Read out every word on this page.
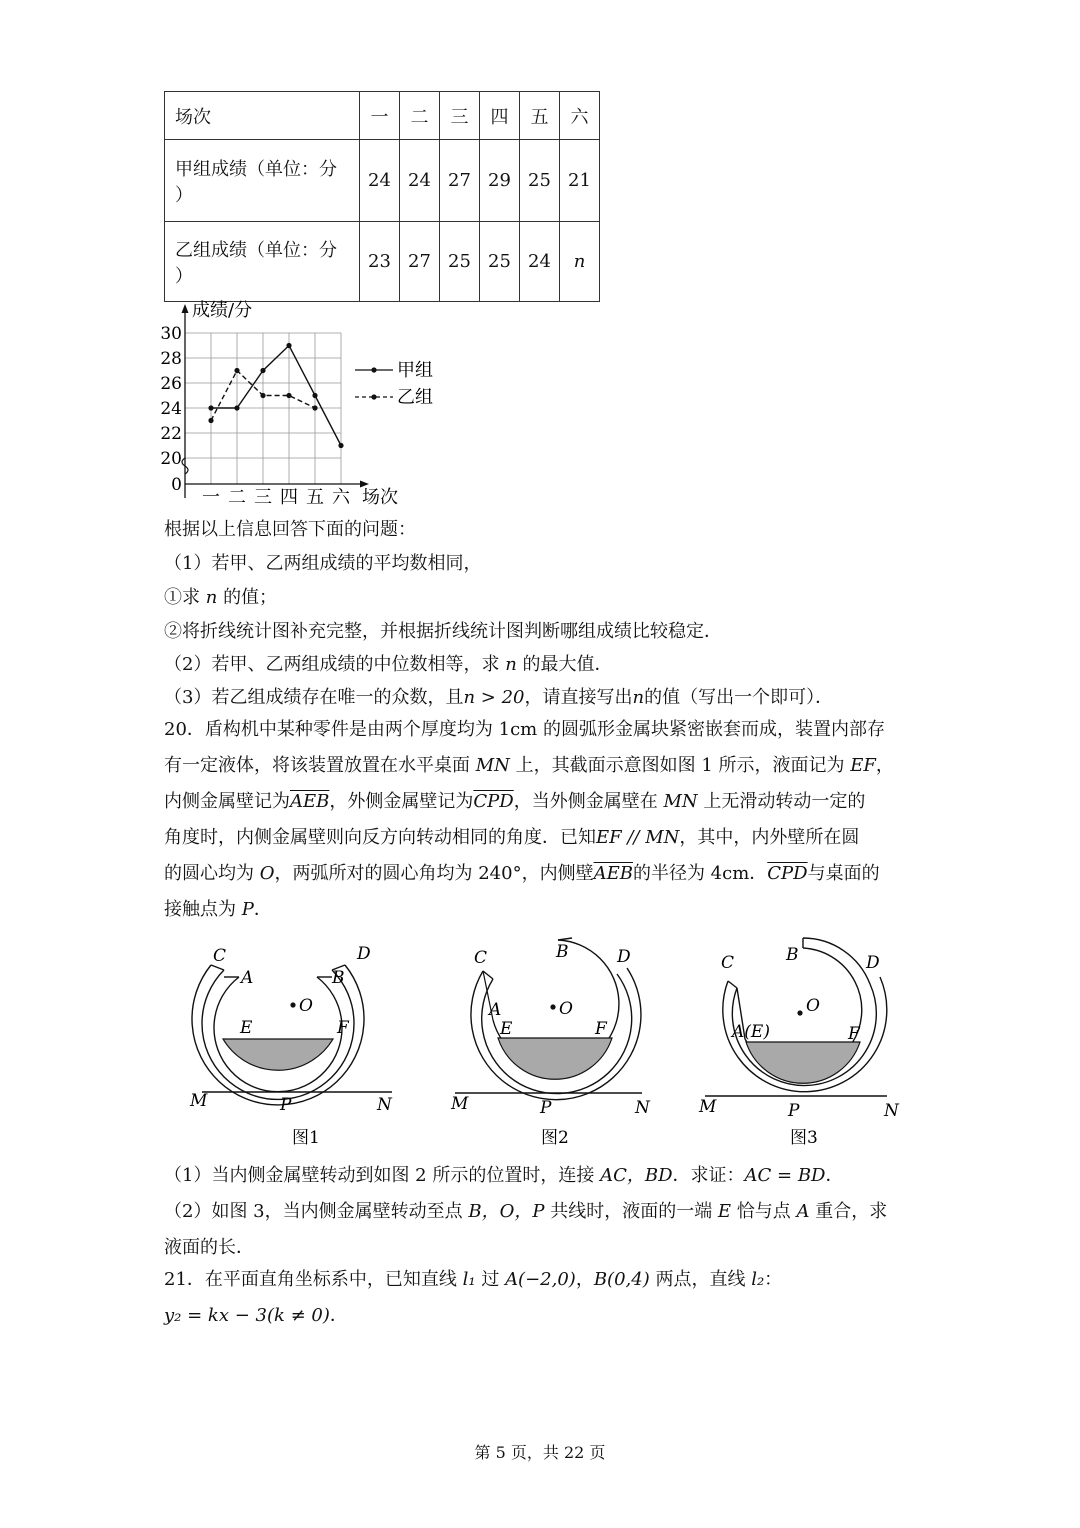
场次	一	二	三	四	五	六
甲组成绩（单位：分
）	24	24	27	29	25	21
乙组成绩（单位：分
）	23	27	25	25	24	n
成绩/分
场次
30
28
26
24
22
20
0
一 二 三 四 五 六
甲组
乙组
根据以上信息回答下面的问题：
（1）若甲、乙两组成绩的平均数相同，
①求 n 的值；
②将折线统计图补充完整，并根据折线统计图判断哪组成绩比较稳定．
（2）若甲、乙两组成绩的中位数相等，求 n 的最大值．
（3）若乙组成绩存在唯一的众数，且n > 20，请直接写出n的值（写出一个即可）．

20．盾构机中某种零件是由两个厚度均为 1cm 的圆弧形金属块紧密嵌套而成，装置内部存

有一定液体，将该装置放置在水平桌面 MN 上，其截面示意图如图 1 所示，液面记为 EF，

内侧金属壁记为$\overline{AEB}$，外侧金属壁记为$\overline{CPD}$，当外侧金属壁在 MN 上无滑动转动一定的

角度时，内侧金属壁则向反方向转动相同的角度．已知EF // MN，其中，内外壁所在圆

的圆心均为 O，两弧所对的圆心角均为 240°，内侧壁$\overline{AEB}$的半径为 4cm．$\overline{CPD}$与桌面的

接触点为 P．

C	D
A	B
O
E	F
M	P	N
图1
C	B	D
A	O
E	F
M	P	N
图2
C	B	D
O
A(E)	F
M	P	N
图3

（1）当内侧金属壁转动到如图 2 所示的位置时，连接 AC，BD．求证：AC = BD．

（2）如图 3，当内侧金属壁转动至点 B，O，P 共线时，液面的一端 E 恰与点 A 重合，求

液面的长．

21．在平面直角坐标系中，已知直线 l₁ 过 A(−2,0)，B(0,4) 两点，直线 l₂：

y₂ = kx − 3(k ≠ 0)．

第 5 页，共 22 页
